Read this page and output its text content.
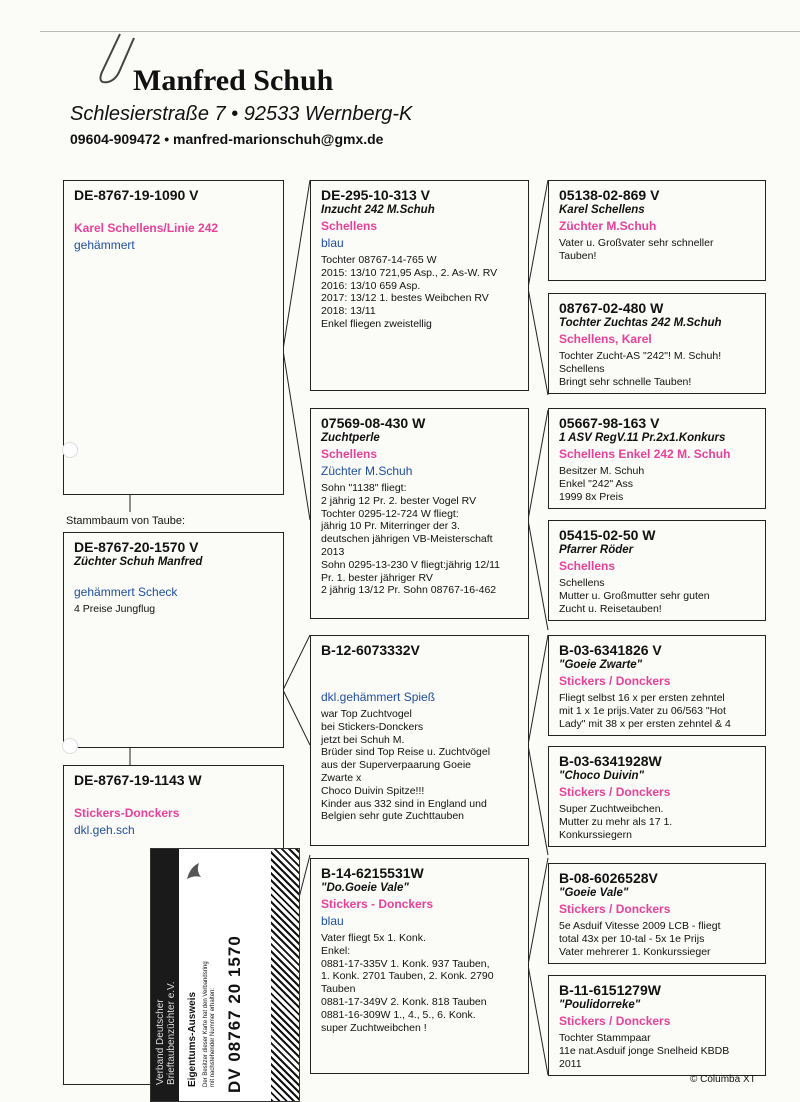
Manfred Schuh
Schlesierstraße 7 • 92533 Wernberg-K
09604-909472 • manfred-marionschuh@gmx.de
DE-8767-19-1090 V
Karel Schellens/Linie 242
gehämmert
Stammbaum von Taube:
DE-8767-20-1570 V
Züchter Schuh Manfred
gehämmert Scheck
4 Preise Jungflug
DE-8767-19-1143 W
Stickers-Donckers
dkl.geh.sch
DE-295-10-313 V
Inzucht 242 M.Schuh
Schellens
blau
Tochter 08767-14-765 W
2015: 13/10 721,95 Asp., 2. As-W. RV
2016: 13/10 659 Asp.
2017: 13/12 1. bestes Weibchen RV
2018: 13/11
Enkel fliegen zweistellig
07569-08-430 W
Zuchtperle
Schellens
Züchter M.Schuh
Sohn "1138" fliegt:
2 jährig 12 Pr. 2. bester Vogel RV
Tochter 0295-12-724 W fliegt:
jährig 10 Pr. Miterringer der 3.
deutschen jährigen VB-Meisterschaft
2013
Sohn 0295-13-230 V fliegt:jährig 12/11
Pr. 1. bester jähriger RV
2 jährig 13/12 Pr. Sohn 08767-16-462
B-12-6073332V
dkl.gehämmert Spieß
war Top Zuchtvogel
bei Stickers-Donckers
jetzt bei Schuh M.
Brüder sind Top Reise u. Zuchtvögel
aus der Superverpaarung Goeie
Zwarte x
Choco Duivin Spitze!!!
Kinder aus 332 sind in England und
Belgien sehr gute Zuchttauben
B-14-6215531W
"Do.Goeie Vale"
Stickers - Donckers
blau
Vater fliegt 5x 1. Konk.
Enkel:
0881-17-335V 1. Konk. 937 Tauben,
1. Konk. 2701 Tauben, 2. Konk. 2790
Tauben
0881-17-349V 2. Konk. 818 Tauben
0881-16-309W 1., 4., 5., 6. Konk.
super Zuchtweibchen !
05138-02-869 V
Karel Schellens
Züchter M.Schuh
Vater u. Großvater sehr schneller
Tauben!
08767-02-480 W
Tochter Zuchtas 242 M.Schuh
Schellens, Karel
Tochter Zucht-AS "242"! M. Schuh!
Schellens
Bringt sehr schnelle Tauben!
05667-98-163 V
1 ASV RegV.11 Pr.2x1.Konkurs
Schellens Enkel 242 M. Schuh
Besitzer M. Schuh
Enkel "242" Ass
1999 8x Preis
05415-02-50 W
Pfarrer Röder
Schellens
Schellens
Mutter u. Großmutter sehr guten
Zucht u. Reisetauben!
B-03-6341826 V
"Goeie Zwarte"
Stickers / Donckers
Fliegt selbst 16 x per ersten zehntel
mit 1 x 1e prijs.Vater zu 06/563 "Hot
Lady" mit 38 x per ersten zehntel & 4
B-03-6341928W
"Choco Duivin"
Stickers / Donckers
Super Zuchtweibchen.
Mutter zu mehr als 17 1.
Konkurssiegern
B-08-6026528V
"Goeie Vale"
Stickers / Donckers
5e Asduif Vitesse 2009 LCB - fliegt
total 43x per 10-tal - 5x 1e Prijs
Vater mehrerer 1. Konkurssieger
B-11-6151279W
"Poulidorreke"
Stickers / Donckers
Tochter Stammpaar
11e nat.Asduif jonge Snelheid KBDB
2011
Verband Deutscher Brieftaubenzüchter e.V. Eigentums-Ausweis Der Besitzer dieser Karte hat den Verbandsring mit nachstehender Nummer erhalten: DV 08767 20 1570	© Columba XT
